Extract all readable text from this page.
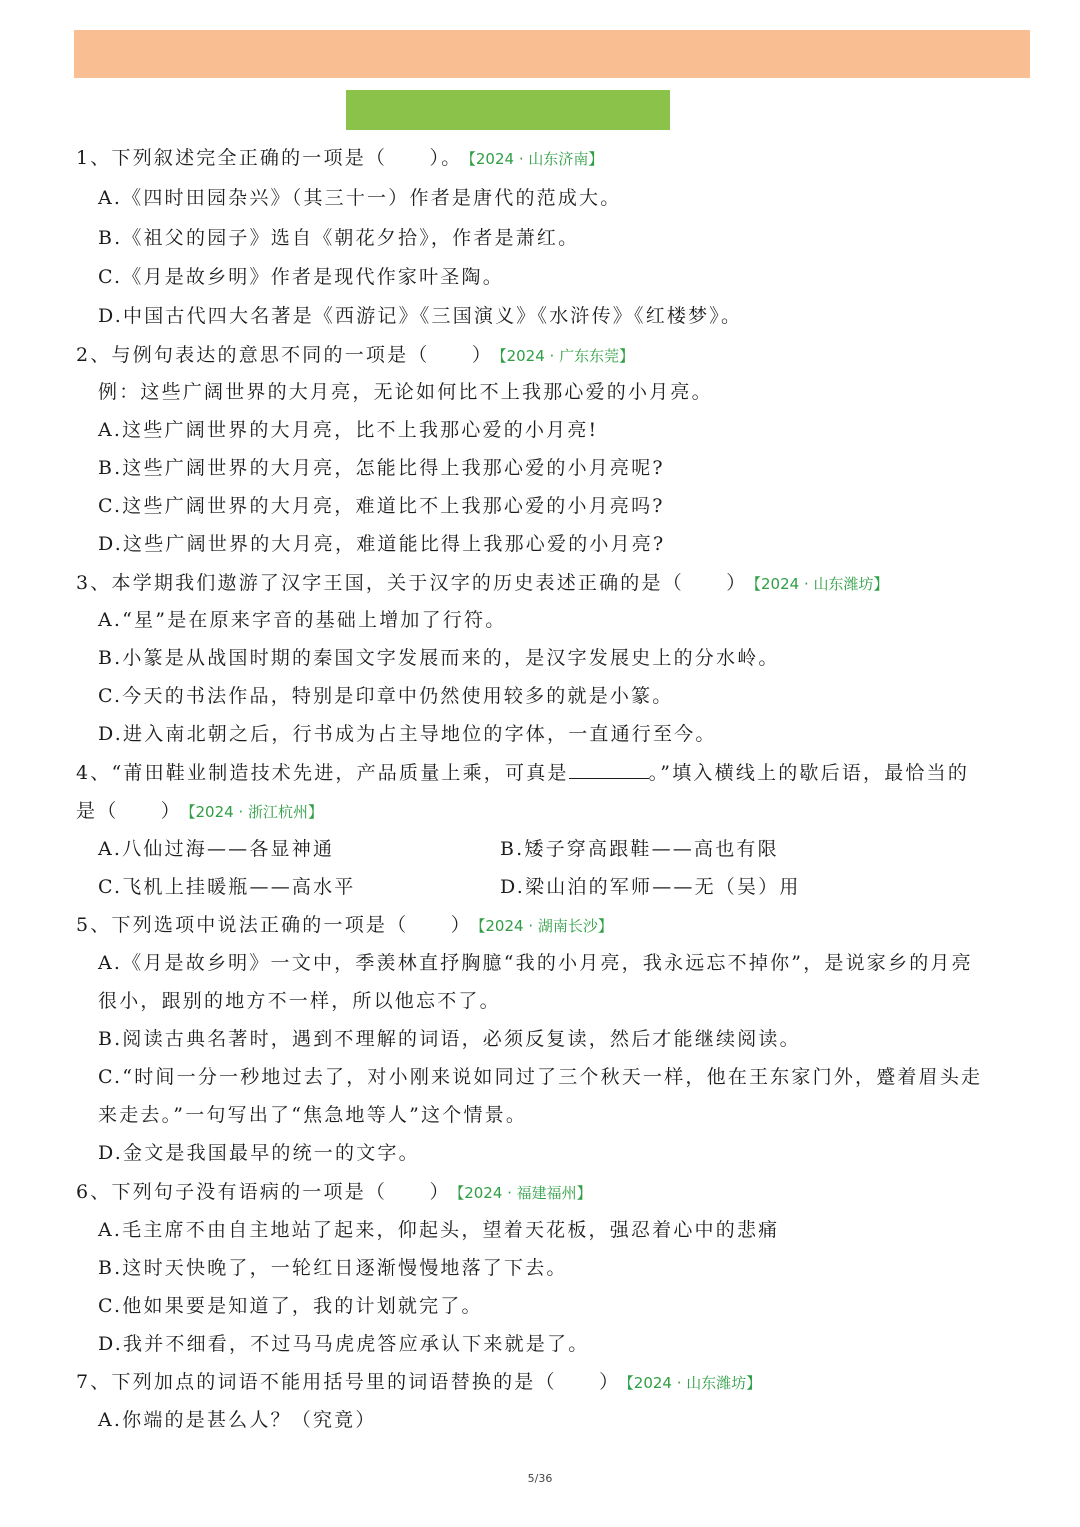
1、下列叙述完全正确的一项是（　　）。 【2024 · 山东济南】
A.《四时田园杂兴》（其三十一）作者是唐代的范成大。
B.《祖父的园子》选自《朝花夕拾》，作者是萧红。
C.《月是故乡明》作者是现代作家叶圣陶。
D.中国古代四大名著是《西游记》《三国演义》《水浒传》《红楼梦》。
2、与例句表达的意思不同的一项是（　　） 【2024 · 广东东莞】
例：这些广阔世界的大月亮，无论如何比不上我那心爱的小月亮。
A.这些广阔世界的大月亮，比不上我那心爱的小月亮!
B.这些广阔世界的大月亮，怎能比得上我那心爱的小月亮呢?
C.这些广阔世界的大月亮，难道比不上我那心爱的小月亮吗?
D.这些广阔世界的大月亮，难道能比得上我那心爱的小月亮?
3、本学期我们遨游了汉字王国，关于汉字的历史表述正确的是（　　） 【2024 · 山东潍坊】
A.“星”是在原来字音的基础上增加了行符。
B.小篆是从战国时期的秦国文字发展而来的，是汉字发展史上的分水岭。
C.今天的书法作品，特别是印章中仍然使用较多的就是小篆。
D.进入南北朝之后，行书成为占主导地位的字体，一直通行至今。
4、“莆田鞋业制造技术先进，产品质量上乘，可真是	。”填入横线上的歇后语，最恰当的
是（　　） 【2024 · 浙江杭州】
A.八仙过海——各显神通	B.矮子穿高跟鞋——高也有限
C.飞机上挂暖瓶——高水平	D.梁山泊的军师——无（吴）用
5、下列选项中说法正确的一项是（　　） 【2024 · 湖南长沙】
A.《月是故乡明》一文中，季羡林直抒胸臆“我的小月亮，我永远忘不掉你”，是说家乡的月亮
很小，跟别的地方不一样，所以他忘不了。
B.阅读古典名著时，遇到不理解的词语，必须反复读，然后才能继续阅读。
C.“时间一分一秒地过去了，对小刚来说如同过了三个秋天一样，他在王东家门外，蹙着眉头走
来走去。”一句写出了“焦急地等人”这个情景。
D.金文是我国最早的统一的文字。
6、下列句子没有语病的一项是（　　） 【2024 · 福建福州】
A.毛主席不由自主地站了起来，仰起头，望着天花板，强忍着心中的悲痛
B.这时天快晚了，一轮红日逐渐慢慢地落了下去。
C.他如果要是知道了，我的计划就完了。
D.我并不细看，不过马马虎虎答应承认下来就是了。
7、下列加点的词语不能用括号里的词语替换的是（　　） 【2024 · 山东潍坊】
A.你端的是甚么人？（究竟）
5/36
